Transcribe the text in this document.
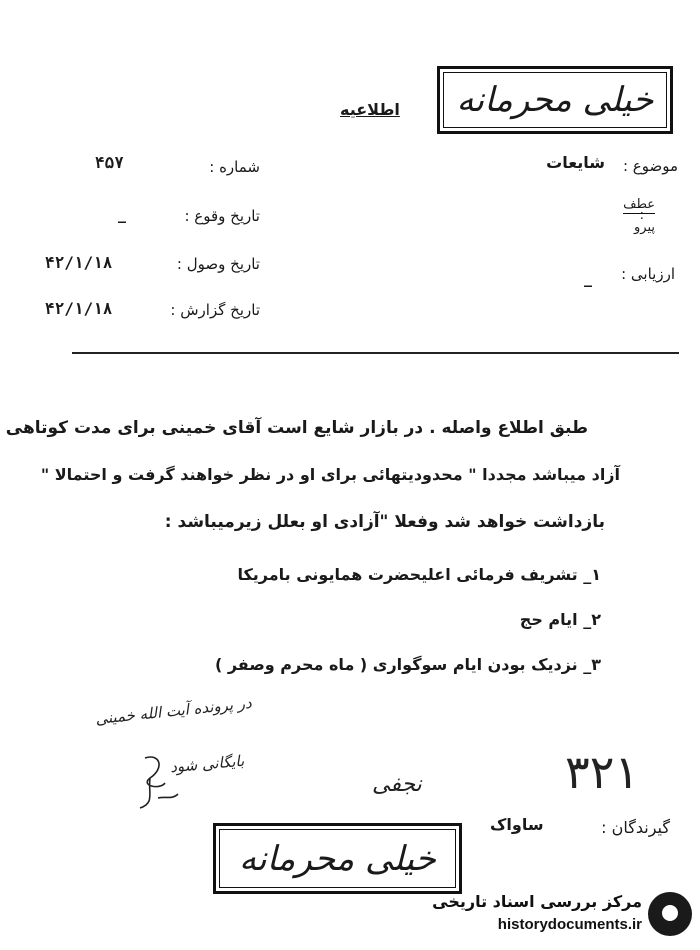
خیلی محرمانه
اطلاعیه
موضوع :
شایعات
عطف
:
پیرو
ارزیابی :
_
شماره :
۴۵۷
تاریخ وقوع :
_
تاریخ وصول :
۴۲/۱/۱۸
تاریخ گزارش :
۴۲/۱/۱۸
طبق اطلاع واصله . در بازار شایع است آقای خمینی برای مدت کوتاهی
آزاد میباشد مجددا " محدودیتهائی برای او در نظر خواهند گرفت و احتمالا "
بازداشت خواهد شد وفعلا "آزادی او بعلل زیرمیباشد :
۱_ تشریف فرمائی اعلیحضرت همایونی بامریکا
۲_ ایام حج
۳_ نزدیک بودن ایام سوگواری ( ماه محرم وصفر )
در پرونده آیت الله خمینی
بایگانی شود
نجفی	۳۲۱
گیرندگان :
ساواک
خیلی محرمانه
مرکز بررسی اسناد تاریخی
historydocuments.ir
